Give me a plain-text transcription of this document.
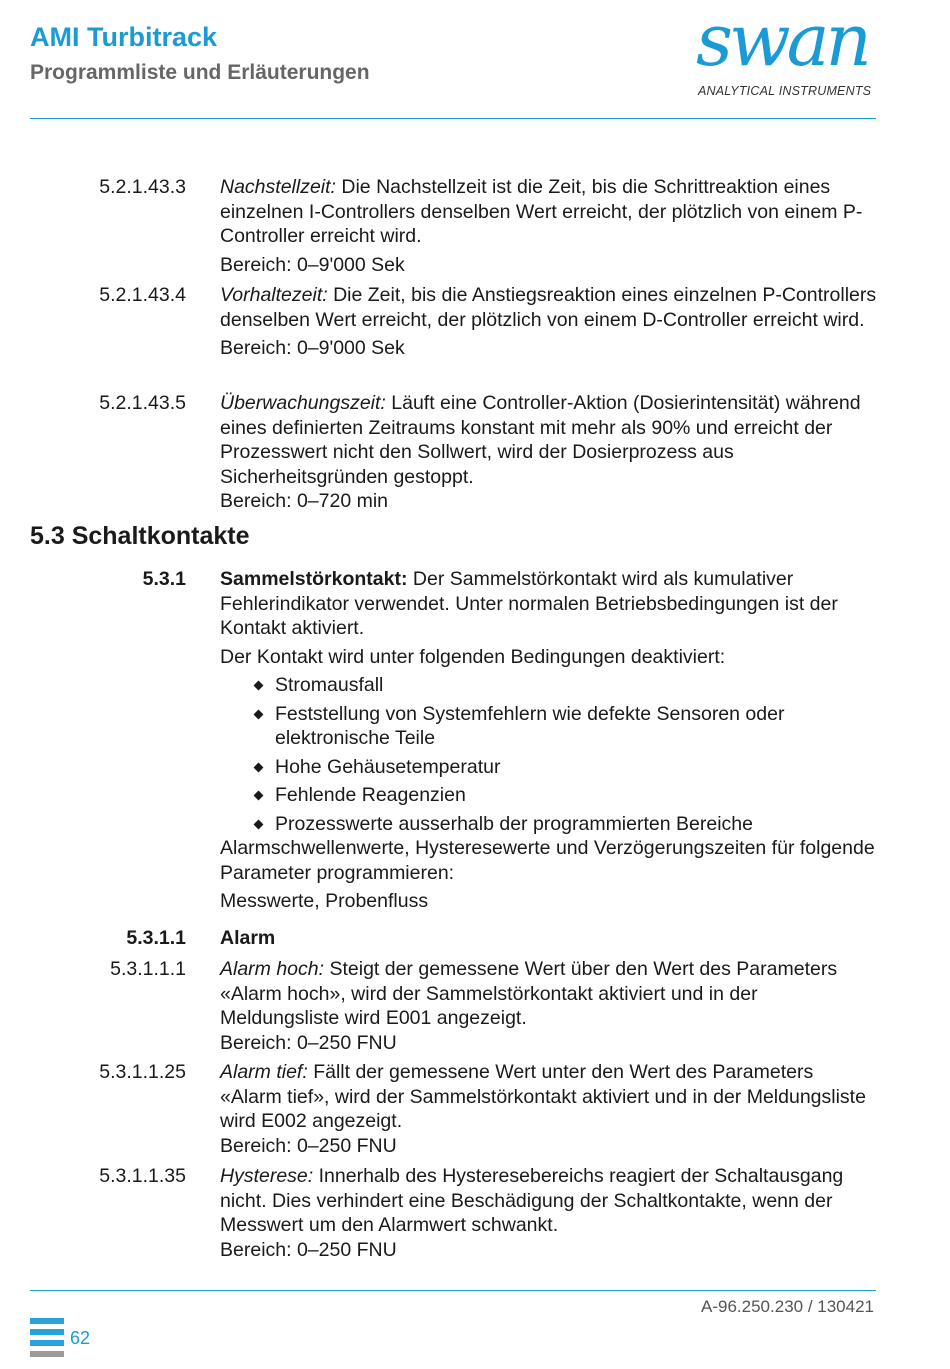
AMI Turbitrack
Programmliste und Erläuterungen	swan
ANALYTICAL INSTRUMENTS
5.2.1.43.3 Nachstellzeit: Die Nachstellzeit ist die Zeit, bis die Schrittreaktion eines einzelnen I-Controllers denselben Wert erreicht, der plötzlich von einem P-Controller erreicht wird.

Bereich: 0–9'000 Sek

5.2.1.43.4 Vorhaltezeit: Die Zeit, bis die Anstiegsreaktion eines einzelnen P-Controllers denselben Wert erreicht, der plötzlich von einem D-Controller erreicht wird.

Bereich: 0–9'000 Sek

5.2.1.43.5 Überwachungszeit: Läuft eine Controller-Aktion (Dosierintensität) während eines definierten Zeitraums konstant mit mehr als 90% und erreicht der Prozesswert nicht den Sollwert, wird der Dosierprozess aus Sicherheitsgründen gestoppt.

Bereich: 0–720 min

5.3 Schaltkontakte
5.3.1 Sammelstörkontakt: Der Sammelstörkontakt wird als kumulativer Fehlerindikator verwendet. Unter normalen Betriebsbedingungen ist der Kontakt aktiviert.

Der Kontakt wird unter folgenden Bedingungen deaktiviert:

Stromausfall
Feststellung von Systemfehlern wie defekte Sensoren oder elektronische Teile
Hohe Gehäusetemperatur
Fehlende Reagenzien
Prozesswerte ausserhalb der programmierten Bereiche

Alarmschwellenwerte, Hysteresewerte und Verzögerungszeiten für folgende Parameter programmieren:

Messwerte, Probenfluss

5.3.1.1 Alarm
5.3.1.1.1 Alarm hoch: Steigt der gemessene Wert über den Wert des Parameters «Alarm hoch», wird der Sammelstörkontakt aktiviert und in der Meldungsliste wird E001 angezeigt.

Bereich: 0–250 FNU

5.3.1.1.25 Alarm tief: Fällt der gemessene Wert unter den Wert des Parameters «Alarm tief», wird der Sammelstörkontakt aktiviert und in der Meldungsliste wird E002 angezeigt.

Bereich: 0–250 FNU

5.3.1.1.35 Hysterese: Innerhalb des Hysteresebereichs reagiert der Schaltausgang nicht. Dies verhindert eine Beschädigung der Schaltkontakte, wenn der Messwert um den Alarmwert schwankt.

Bereich: 0–250 FNU

A-96.250.230 / 130421
62
